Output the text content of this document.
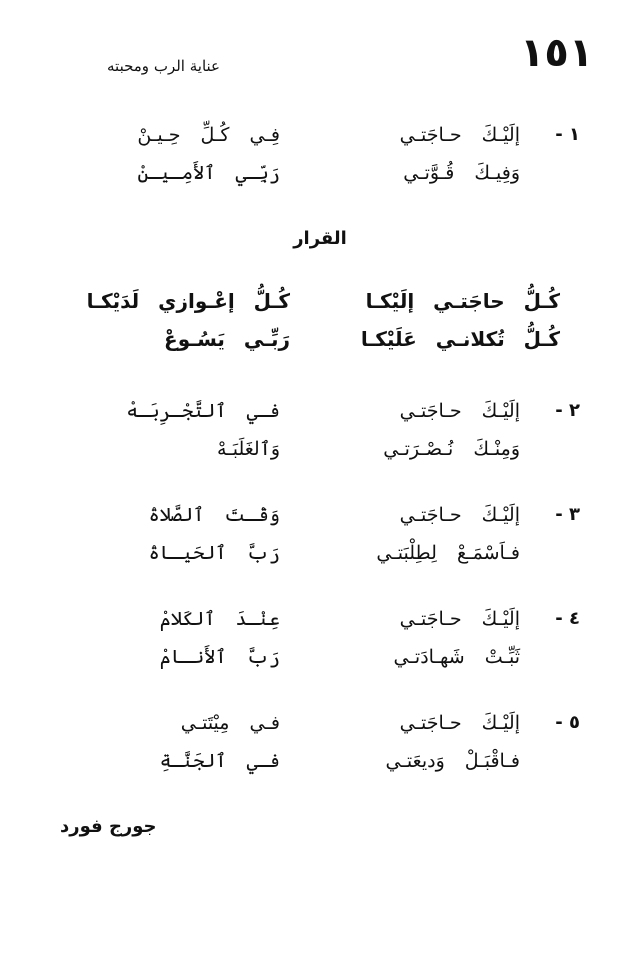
١٥١
عناية الرب ومحبته
١ -
إلَيْـكَ حـاجَتـي
فِـي كُـلِّ حِـيـنْ
وَفِيـكَ قُـوَّتـي
رَبِّـي ٱلأَمِـيـنْ
القرار
كُـلُّ حاجَتـي إلَيْكـا
كُـلُّ إعْـوازي لَدَيْكـا
كُـلُّ تُكلانـي عَلَيْكـا
رَبِّـي يَسُـوعْ
٢ -
إلَيْـكَ حـاجَتـي
فـي ٱلتَّجْـرِبَـهْ
وَمِنْـكَ نُـصْـرَتـي
وَٱلغَلَبَـهْ
٣ -
إلَيْـكَ حـاجَتـي
وَقْـتَ ٱلصَّلاةْ
فـاَسْمَـعْ لِطِلْبَتـي
رَبَّ ٱلحَيـاةْ
٤ -
إلَيْـكَ حـاجَتـي
عِنْـدَ ٱلكَلامْ
ثَبِّـتْ شَهـادَتـي
رَبَّ ٱلأَنـامْ
٥ -
إلَيْـكَ حـاجَتـي
فـي مِيْتَتـي
فـاقْبَـلْ وَديعَتـي
فـي ٱلجَنَّـةِ
جورج فورد
